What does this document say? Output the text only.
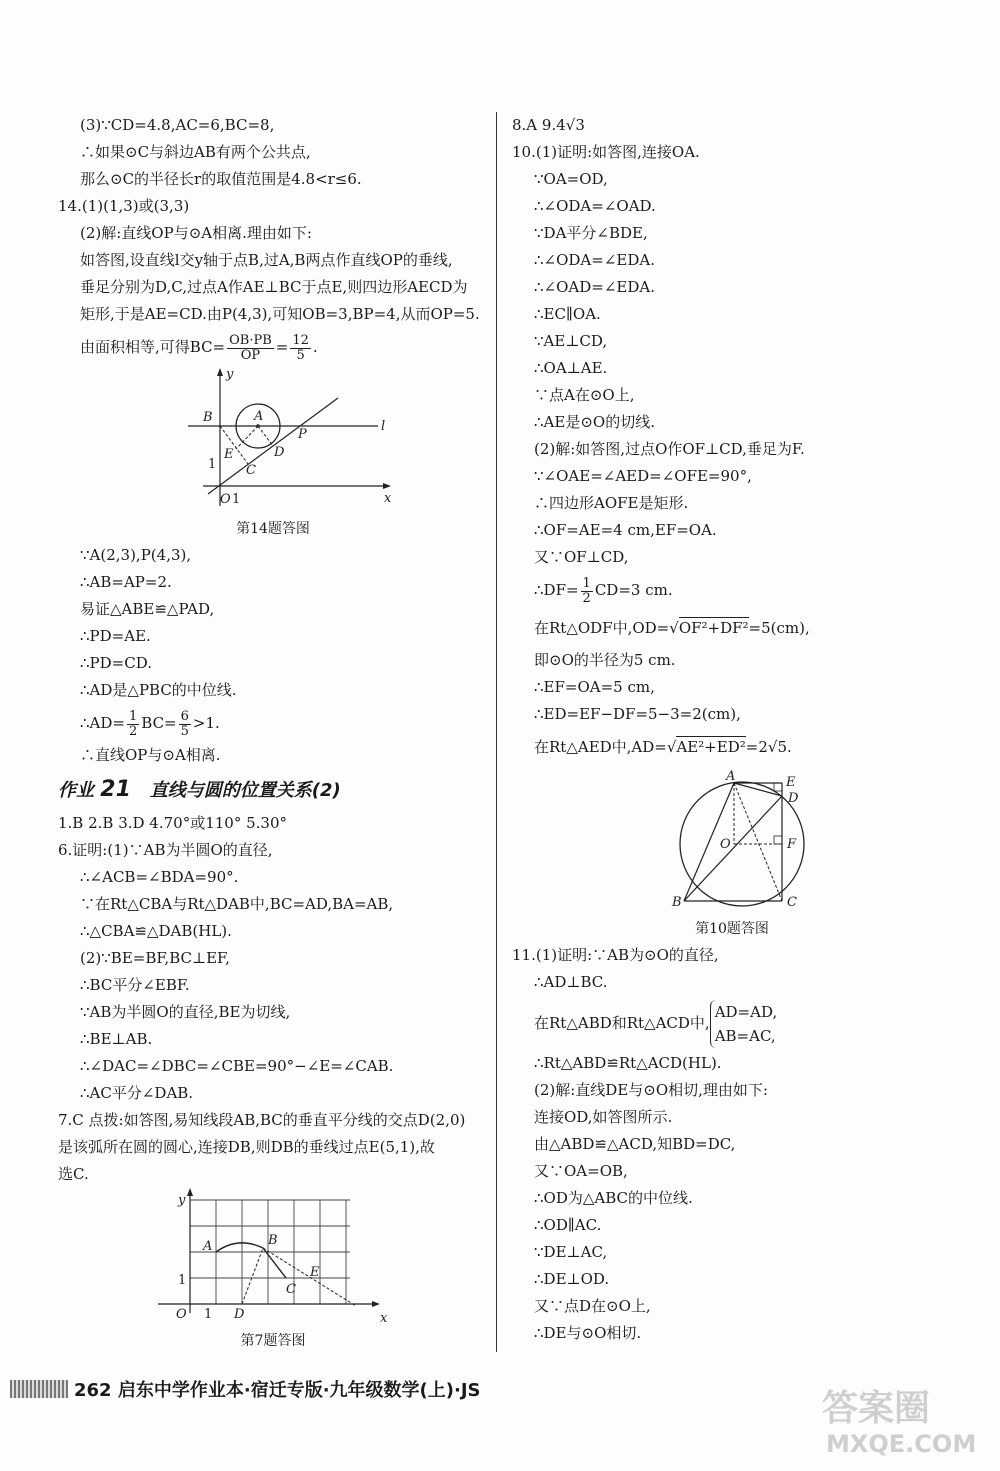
(3)∵CD=4.8,AC=6,BC=8,
∴如果⊙C与斜边AB有两个公共点,
那么⊙C的半径长r的取值范围是4.8<r≤6.
14.(1)(1,3)或(3,3)
(2)解:直线OP与⊙A相离.理由如下:
如答图,设直线l交y轴于点B,过A,B两点作直线OP的垂线,
垂足分别为D,C,过点A作AE⊥BC于点E,则四边形AECD为
矩形,于是AE=CD.由P(4,3),可知OB=3,BP=4,从而OP=5.
由面积相等,可得$BC= \frac{OB\cdot PB}{OP} = \frac{12}{5}$ .
y
B	A
P
l
D
E
C
1
O 1	x
第14题答图
∵A(2,3),P(4,3),
∴AB=AP=2.
易证△ABE≌△PAD,
∴PD=AE.
∴PD=CD.
∴AD是△PBC的中位线.
∴AD= $\frac{1}{2} BC= \frac{6}{5} >1$.
∴直线OP与⊙A相离.
作业 21 直线与圆的位置关系(2)
1.B 2.B 3.D 4.70°或110° 5.30°
6.证明:(1)∵AB为半圆O的直径,
∴∠ACB=∠BDA=90°.
∵在Rt△CBA与Rt△DAB中,BC=AD,BA=AB,
∴△CBA≌△DAB(HL).
(2)∵BE=BF,BC⊥EF,
∴BC平分∠EBF.
∵AB为半圆O的直径,BE为切线,
∴BE⊥AB.
∴∠DAC=∠DBC=∠CBE=90°−∠E=∠CAB.
∴AC平分∠DAB.
7.C 点拨:如答图,易知线段AB,BC的垂直平分线的交点D(2,0)
是该弧所在圆的圆心,连接DB,则DB的垂线过点E(5,1),故
选C.
y
A	B
E
C
1
O 1 D	x
第7题答图
8.A 9.4√3
10.(1)证明:如答图,连接OA.
∵OA=OD,
∴∠ODA=∠OAD.
∵DA平分∠BDE,
∴∠ODA=∠EDA.
∴∠OAD=∠EDA.
∴EC∥OA.
∵AE⊥CD,
∴OA⊥AE.
∵点A在⊙O上,
∴AE是⊙O的切线.
(2)解:如答图,过点O作OF⊥CD,垂足为F.
∵∠OAE=∠AED=∠OFE=90°,
∴四边形AOFE是矩形.
∴OF=AE=4 cm,EF=OA.
又∵OF⊥CD,
∴DF= $\frac{1}{2} CD=3$ cm.
在Rt△ODF中,OD=√OF²+DF²=5(cm),
即⊙O的半径为5 cm.
∴EF=OA=5 cm,
∴ED=EF−DF=5−3=2(cm),
在Rt△AED中,AD=√AE²+ED²=2√5.
A	E
D
O	F
B	C
第10题答图
11.(1)证明:∵AB为⊙O的直径,
∴AD⊥BC.
在Rt△ABD和Rt△ACD中,
AD=AD,
AB=AC,
∴Rt△ABD≌Rt△ACD(HL).
(2)解:直线DE与⊙O相切,理由如下:
连接OD,如答图所示.
由△ABD≌△ACD,知BD=DC,
又∵OA=OB,
∴OD为△ABC的中位线.
∴OD∥AC.
∵DE⊥AC,
∴DE⊥OD.
又∵点D在⊙O上,
∴DE与⊙O相切.
262 启东中学作业本·宿迁专版·九年级数学(上)·JS	答案圈
MXQE.COM
